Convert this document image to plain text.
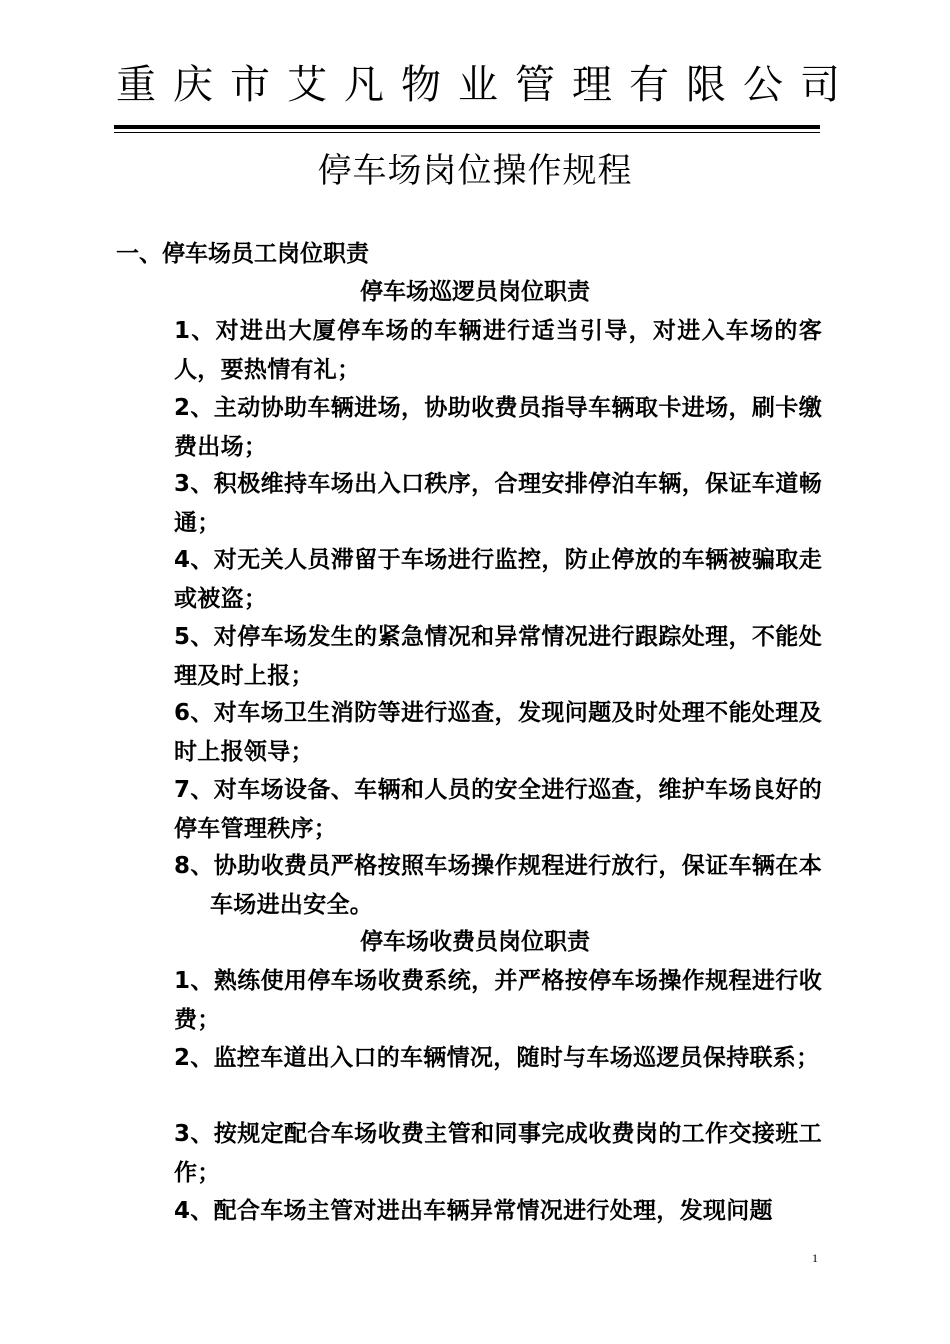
重庆市艾凡物业管理有限公司
停车场岗位操作规程
一、停车场员工岗位职责
停车场巡逻员岗位职责
1、对进出大厦停车场的车辆进行适当引导，对进入车场的客人，要热情有礼；
2、主动协助车辆进场，协助收费员指导车辆取卡进场，刷卡缴费出场；
3、积极维持车场出入口秩序，合理安排停泊车辆，保证车道畅通；
4、对无关人员滞留于车场进行监控，防止停放的车辆被骗取走或被盗；
5、对停车场发生的紧急情况和异常情况进行跟踪处理，不能处理及时上报；
6、对车场卫生消防等进行巡查，发现问题及时处理不能处理及时上报领导；
7、对车场设备、车辆和人员的安全进行巡查，维护车场良好的停车管理秩序；
8、协助收费员严格按照车场操作规程进行放行，保证车辆在本车场进出安全。
停车场收费员岗位职责
1、熟练使用停车场收费系统，并严格按停车场操作规程进行收费；
2、监控车道出入口的车辆情况，随时与车场巡逻员保持联系；
3、按规定配合车场收费主管和同事完成收费岗的工作交接班工作；
4、配合车场主管对进出车辆异常情况进行处理，发现问题
1
